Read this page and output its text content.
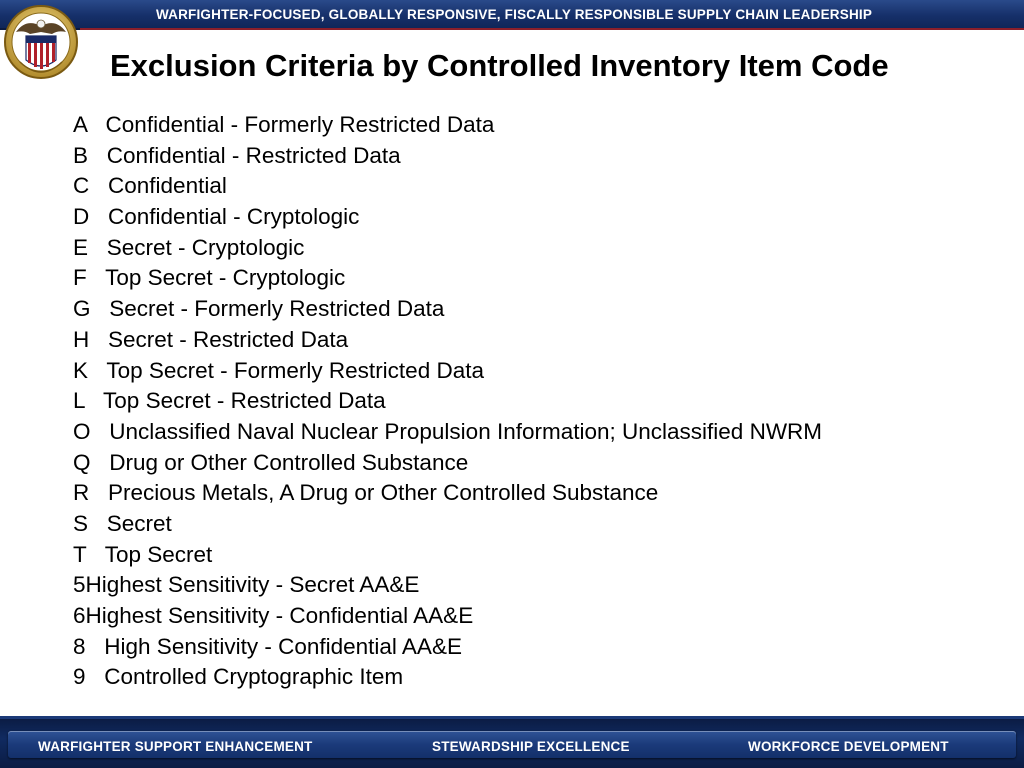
WARFIGHTER-FOCUSED, GLOBALLY RESPONSIVE, FISCALLY RESPONSIBLE SUPPLY CHAIN LEADERSHIP
Exclusion Criteria by Controlled Inventory Item Code
A Confidential - Formerly Restricted Data
B Confidential - Restricted Data
C Confidential
D Confidential - Cryptologic
E Secret - Cryptologic
F Top Secret - Cryptologic
G Secret - Formerly Restricted Data
H Secret - Restricted Data
K Top Secret - Formerly Restricted Data
L Top Secret - Restricted Data
O Unclassified Naval Nuclear Propulsion Information; Unclassified NWRM
Q Drug or Other Controlled Substance
R Precious Metals, A Drug or Other Controlled Substance
S Secret
T Top Secret
5Highest Sensitivity - Secret AA&E
6Highest Sensitivity - Confidential AA&E
8 High Sensitivity - Confidential AA&E
9 Controlled Cryptographic Item
WARFIGHTER SUPPORT ENHANCEMENT	STEWARDSHIP EXCELLENCE	WORKFORCE DEVELOPMENT
